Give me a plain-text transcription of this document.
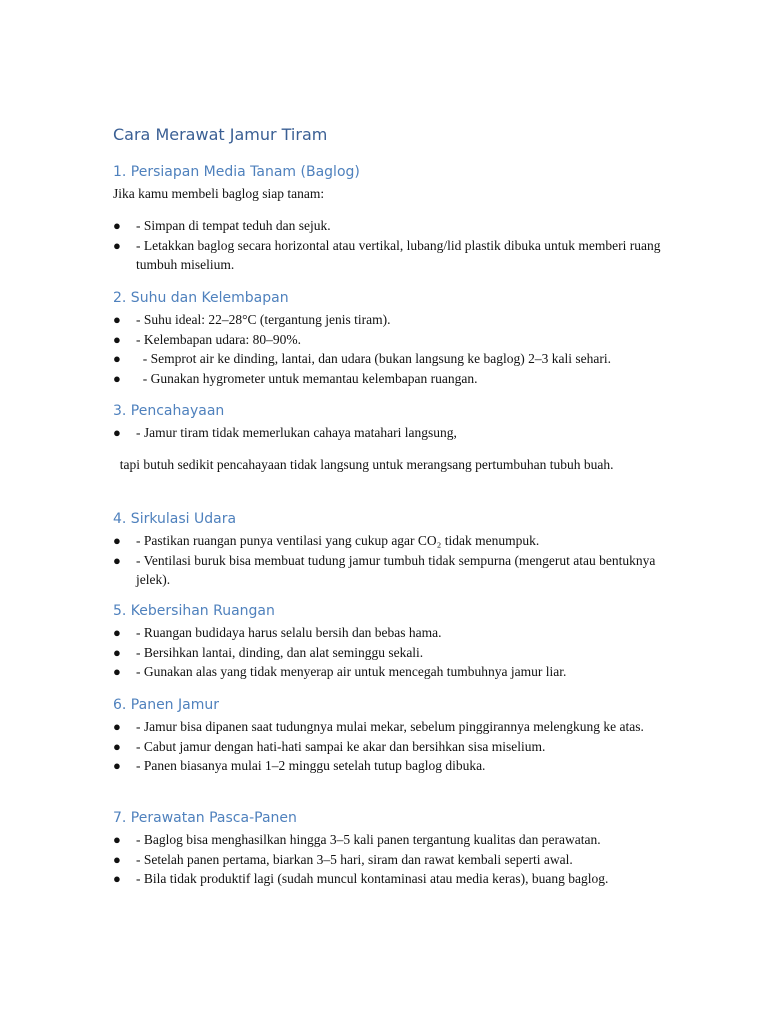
Cara Merawat Jamur Tiram
1. Persiapan Media Tanam (Baglog)

Jika kamu membeli baglog siap tanam:

● - Simpan di tempat teduh dan sejuk.
● - Letakkan baglog secara horizontal atau vertikal, lubang/lid plastik dibuka untuk memberi ruang tumbuh miselium.
2. Suhu dan Kelembapan
● - Suhu ideal: 22–28°C (tergantung jenis tiram).
● - Kelembapan udara: 80–90%.
● - Semprot air ke dinding, lantai, dan udara (bukan langsung ke baglog) 2–3 kali sehari.
● - Gunakan hygrometer untuk memantau kelembapan ruangan.
3. Pencahayaan
● - Jamur tiram tidak memerlukan cahaya matahari langsung,

tapi butuh sedikit pencahayaan tidak langsung untuk merangsang pertumbuhan tubuh buah.

4. Sirkulasi Udara
● - Pastikan ruangan punya ventilasi yang cukup agar CO₂ tidak menumpuk.
● - Ventilasi buruk bisa membuat tudung jamur tumbuh tidak sempurna (mengerut atau bentuknya jelek).
5. Kebersihan Ruangan
● - Ruangan budidaya harus selalu bersih dan bebas hama.
● - Bersihkan lantai, dinding, dan alat seminggu sekali.
● - Gunakan alas yang tidak menyerap air untuk mencegah tumbuhnya jamur liar.
6. Panen Jamur
● - Jamur bisa dipanen saat tudungnya mulai mekar, sebelum pinggirannya melengkung ke atas.
● - Cabut jamur dengan hati-hati sampai ke akar dan bersihkan sisa miselium.
● - Panen biasanya mulai 1–2 minggu setelah tutup baglog dibuka.
7. Perawatan Pasca-Panen
● - Baglog bisa menghasilkan hingga 3–5 kali panen tergantung kualitas dan perawatan.
● - Setelah panen pertama, biarkan 3–5 hari, siram dan rawat kembali seperti awal.
● - Bila tidak produktif lagi (sudah muncul kontaminasi atau media keras), buang baglog.
